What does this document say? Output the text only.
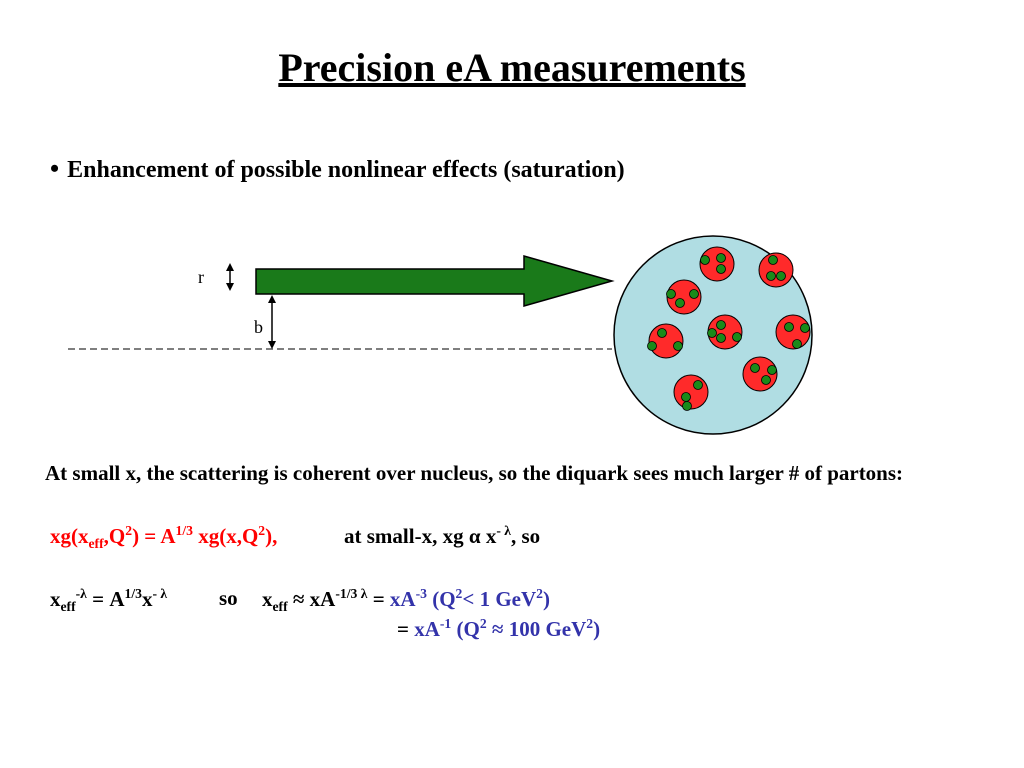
Precision eA measurements
• Enhancement of possible nonlinear effects (saturation)
r
b
At small x, the scattering is coherent over nucleus, so the diquark sees much larger # of partons:
$xg(x_{eff},Q^2) = A^{1/3}$ $xg(x,Q^2)$,	at small-x, xg α $x^{- \lambda}$, so
$x_{eff}^{-\lambda} = A^{1/3}x^{- \lambda}$ so $x_{eff} \approx xA^{-1/3 \lambda} = xA^{-3}$ ($Q^2< 1$ GeV$^2$)
= $xA^{-1}$ ($Q^2 \approx 100$ GeV$^2$)
